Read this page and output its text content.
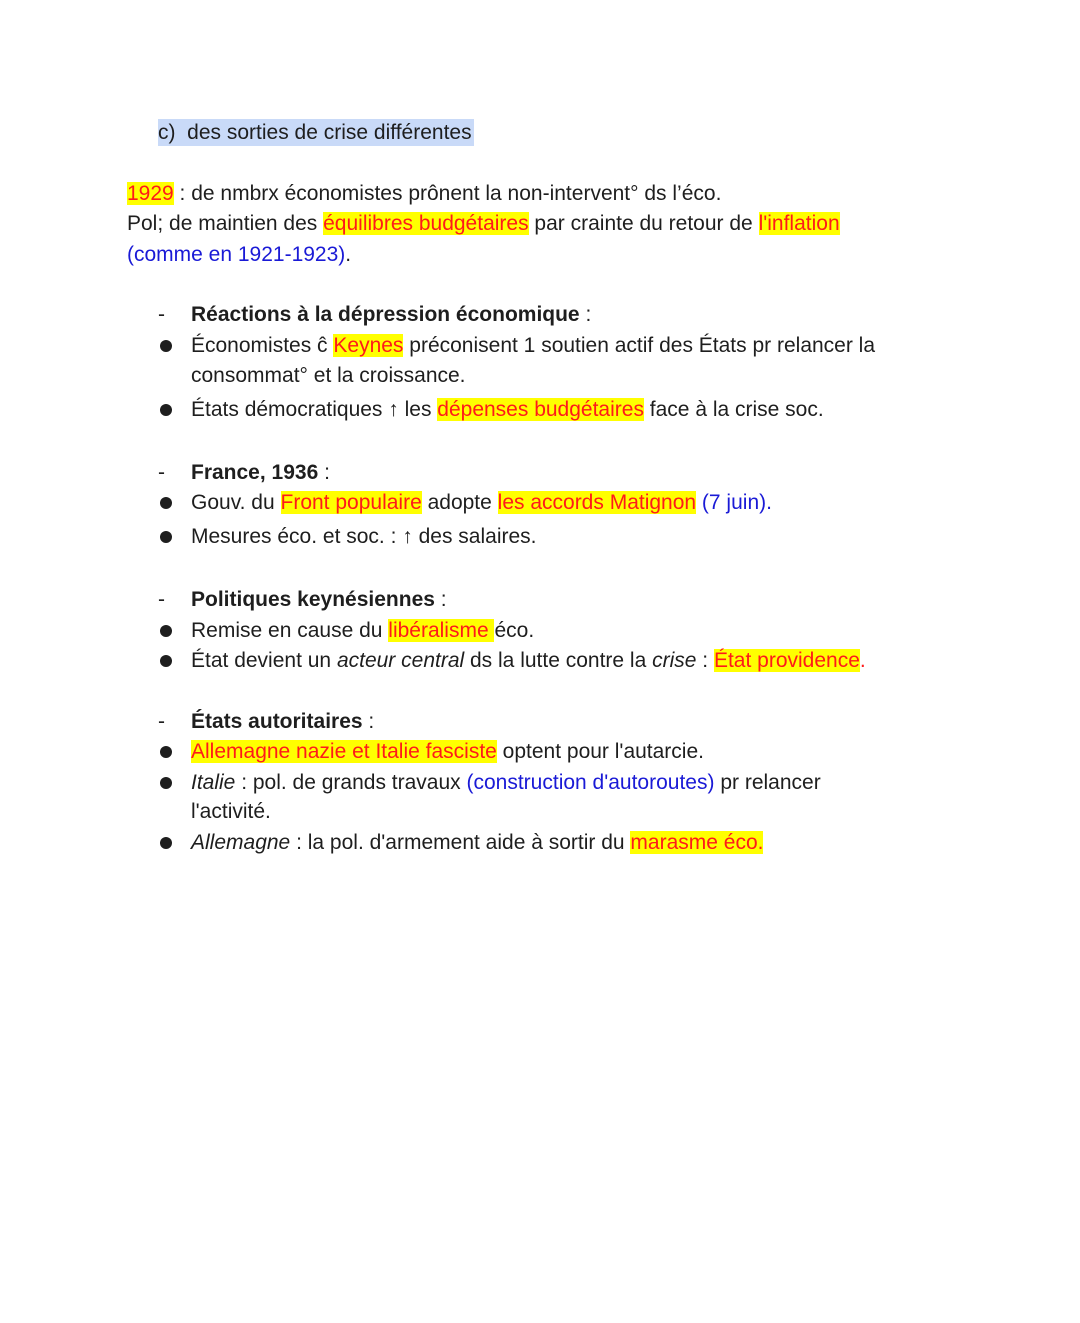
c) des sorties de crise différentes
1929 : de nmbrx économistes prônent la non-intervent° ds l’éco.
Pol; de maintien des équilibres budgétaires par crainte du retour de l'inflation
(comme en 1921-1923).
-	Réactions à la dépression économique :
Économistes ĉ Keynes préconisent 1 soutien actif des États pr relancer la
consommat° et la croissance.
États démocratiques ↑ les dépenses budgétaires face à la crise soc.
-	France, 1936 :
Gouv. du Front populaire adopte les accords Matignon (7 juin).
Mesures éco. et soc. : ↑ des salaires.
-	Politiques keynésiennes :
Remise en cause du libéralisme éco.
État devient un acteur central ds la lutte contre la crise : État providence.
-	États autoritaires :
Allemagne nazie et Italie fasciste optent pour l'autarcie.
Italie : pol. de grands travaux (construction d'autoroutes) pr relancer
l'activité.
Allemagne : la pol. d'armement aide à sortir du marasme éco.
